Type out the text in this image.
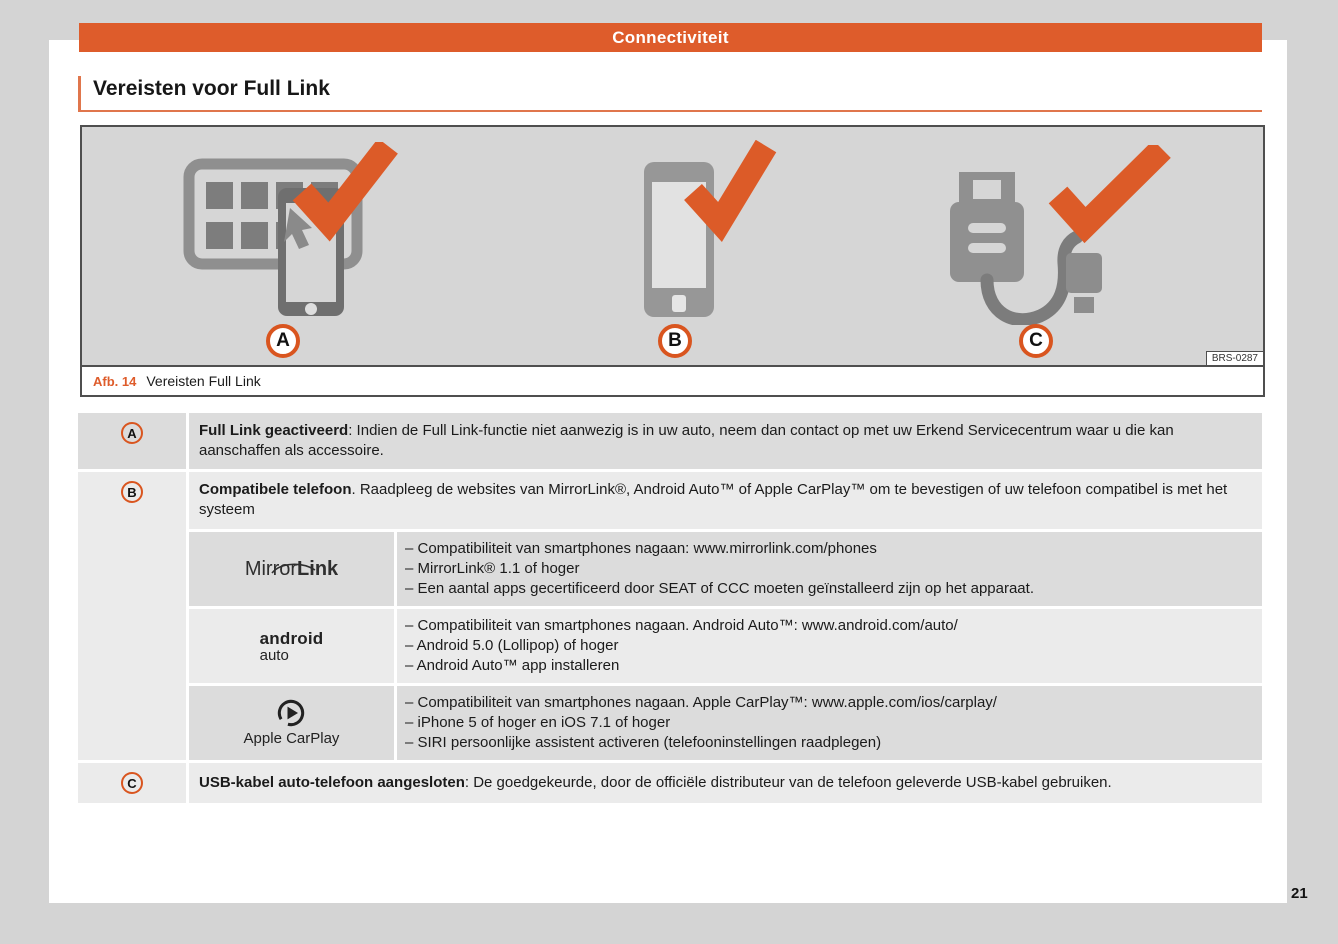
Connectiviteit
Vereisten voor Full Link
A	B	C
BRS-0287
Afb. 14 Vereisten Full Link
A	Full Link geactiveerd: Indien de Full Link-functie niet aanwezig is in uw auto, neem dan contact op met uw Erkend Servicecentrum waar u die kan aanschaffen als accessoire.

B	Compatibele telefoon. Raadpleeg de websites van MirrorLink®, Android Auto™ of Apple CarPlay™ om te bevestigen of uw telefoon compatibel is met het systeem

MirrorLink
– Compatibiliteit van smartphones nagaan: www.mirrorlink.com/phones
– MirrorLink® 1.1 of hoger
– Een aantal apps gecertificeerd door SEAT of CCC moeten geïnstalleerd zijn op het apparaat.
android
auto
– Compatibiliteit van smartphones nagaan. Android Auto™: www.android.com/auto/
– Android 5.0 (Lollipop) of hoger
– Android Auto™ app installeren
Apple CarPlay
– Compatibiliteit van smartphones nagaan. Apple CarPlay™: www.apple.com/ios/carplay/
– iPhone 5 of hoger en iOS 7.1 of hoger
– SIRI persoonlijke assistent activeren (telefooninstellingen raadplegen)
C	USB-kabel auto-telefoon aangesloten: De goedgekeurde, door de officiële distributeur van de telefoon geleverde USB-kabel gebruiken.

21
